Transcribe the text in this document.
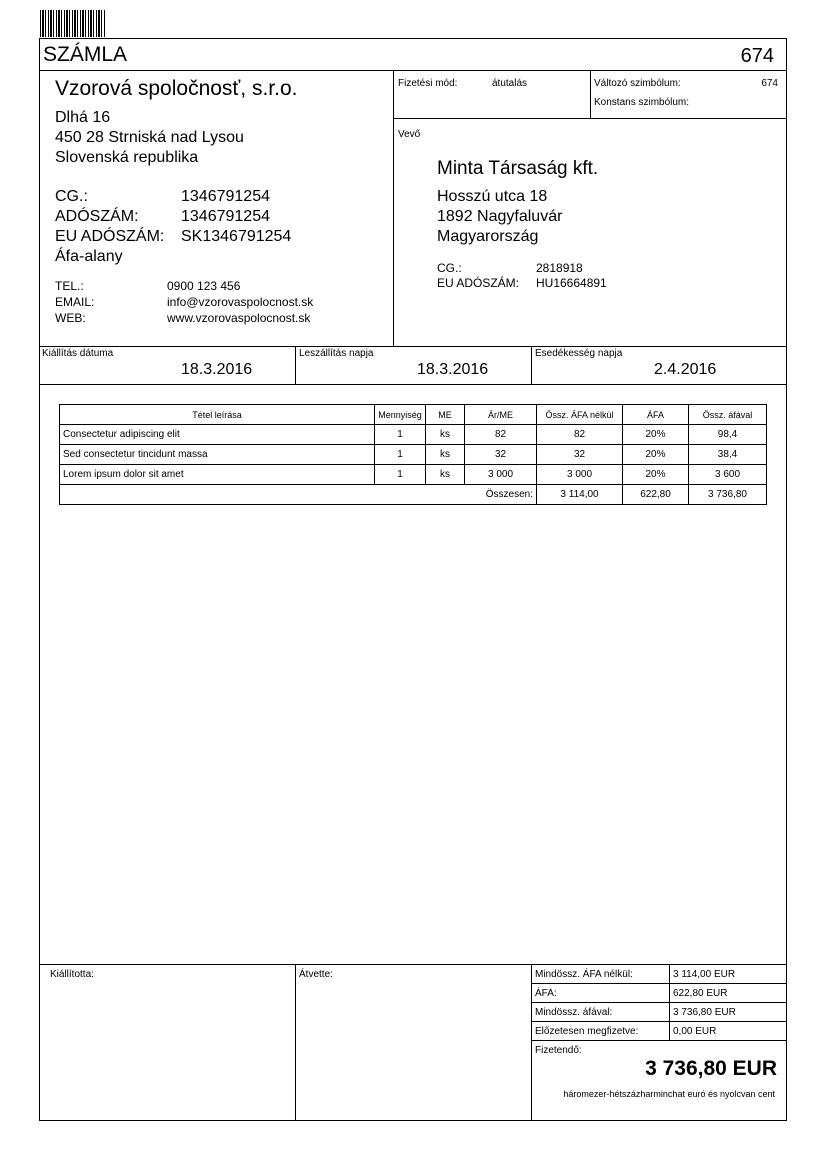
SZÁMLA	674
Vzorová spoločnosť, s.r.o.
Dlhá 16
450 28 Strniská nad Lysou
Slovenská republika
CG.:	1346791254
ADÓSZÁM:	1346791254
EU ADÓSZÁM: SK1346791254
Áfa-alany
TEL.:	0900 123 456
EMAIL:	info@vzorovaspolocnost.sk
WEB:	www.vzorovaspolocnost.sk
Fizetési mód:	átutalás	Változó szimbólum:	674
Konstans szimbólum:
Vevő
Minta Társaság kft.
Hosszú utca 18
1892 Nagyfaluvár
Magyarország
CG.:	2818918
EU ADÓSZÁM: HU16664891
Kiállítás dátuma
18.3.2016
Leszállítás napja
18.3.2016
Esedékesség napja
2.4.2016
Tétel leírása	Mennyiség	ME	Ár/ME	Össz. ÁFA nélkül	ÁFA	Össz. áfával
Consectetur adipiscing elit	1	ks	82	82	20%	98,4
Sed consectetur tincidunt massa	1	ks	32	32	20%	38,4
Lorem ipsum dolor sit amet	1	ks	3 000	3 000	20%	3 600
Összesen:				3 114,00	622,80	3 736,80
Kiállította:	Átvette:	Mindössz. ÁFA nélkül:	3 114,00 EUR
ÁFA:	622,80 EUR
Mindössz. áfával:	3 736,80 EUR
Előzetesen megfizetve:	0,00 EUR
Fizetendő:
3 736,80 EUR
háromezer-hétszázharminchat euró és nyolcvan cent
